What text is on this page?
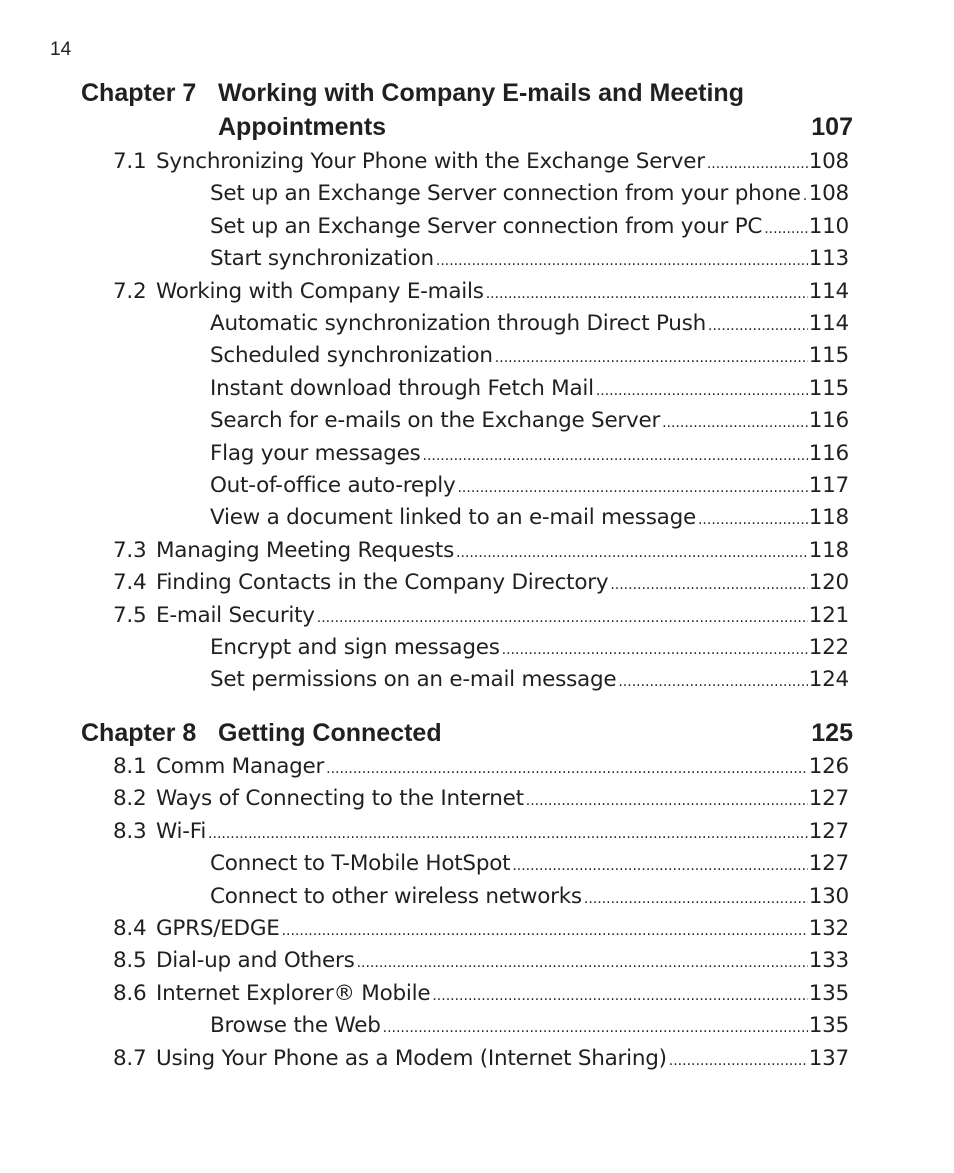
14
Chapter 7 Working with Company E-mails and Meeting
Appointments	107
7.1 Synchronizing Your Phone with the Exchange Server .....	108
Set up an Exchange Server connection from your phone ..... 108
Set up an Exchange Server connection from your PC ..... 110
Start synchronization .....	113
7.2 Working with Company E-mails .....	114
Automatic synchronization through Direct Push .....	114
Scheduled synchronization .....	115
Instant download through Fetch Mail .....	115
Search for e-mails on the Exchange Server .....	116
Flag your messages .....	116
Out-of-office auto-reply .....	117
View a document linked to an e-mail message .....	118
7.3 Managing Meeting Requests .....	118
7.4 Finding Contacts in the Company Directory .....	120
7.5 E-mail Security .....	121
Encrypt and sign messages .....	122
Set permissions on an e-mail message .....	124
Chapter 8 Getting Connected	125
8.1 Comm Manager .....	126
8.2 Ways of Connecting to the Internet .....	127
8.3 Wi-Fi .....	127
Connect to T-Mobile HotSpot .....	127
Connect to other wireless networks .....	130
8.4 GPRS/EDGE .....	132
8.5 Dial-up and Others .....	133
8.6 Internet Explorer® Mobile .....	135
Browse the Web .....	135
8.7 Using Your Phone as a Modem (Internet Sharing) .....	137
